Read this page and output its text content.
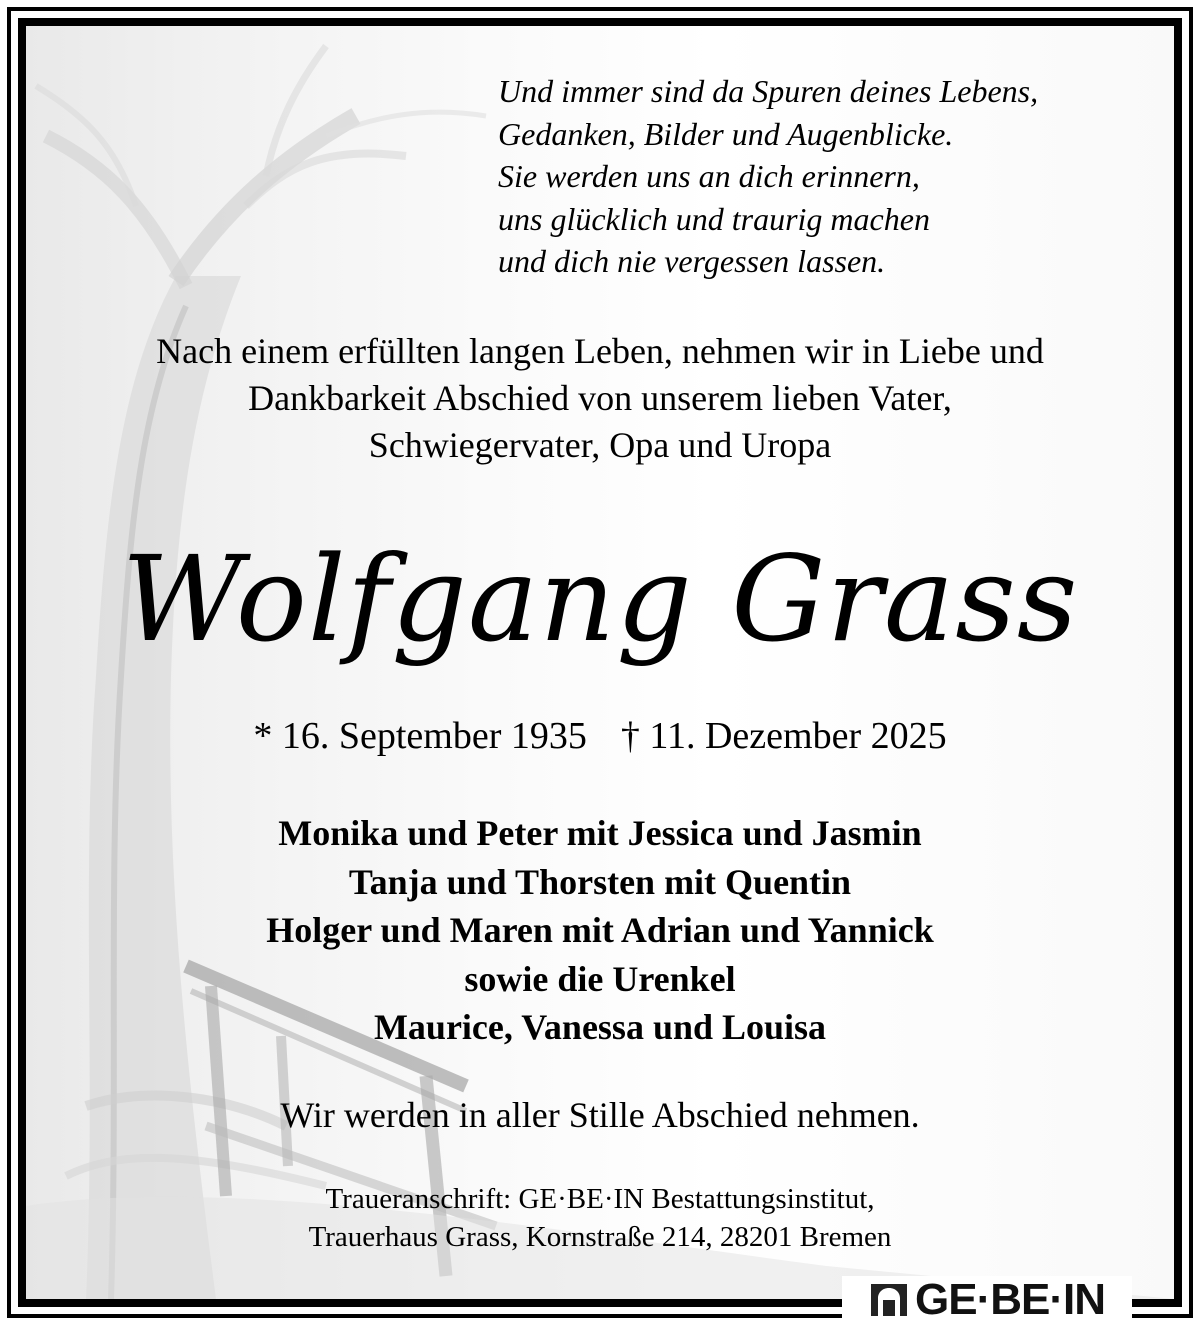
Und immer sind da Spuren deines Lebens,
Gedanken, Bilder und Augenblicke.
Sie werden uns an dich erinnern,
uns glücklich und traurig machen
und dich nie vergessen lassen.
Nach einem erfüllten langen Leben, nehmen wir in Liebe und
Dankbarkeit Abschied von unserem lieben Vater,
Schwiegervater, Opa und Uropa
Wolfgang Grass
* 16. September 1935 † 11. Dezember 2025
Monika und Peter mit Jessica und Jasmin
Tanja und Thorsten mit Quentin
Holger und Maren mit Adrian und Yannick
sowie die Urenkel
Maurice, Vanessa und Louisa
Wir werden in aller Stille Abschied nehmen.
Traueranschrift: GE·BE·IN Bestattungsinstitut,
Trauerhaus Grass, Kornstraße 214, 28201 Bremen
GE·BE·IN
